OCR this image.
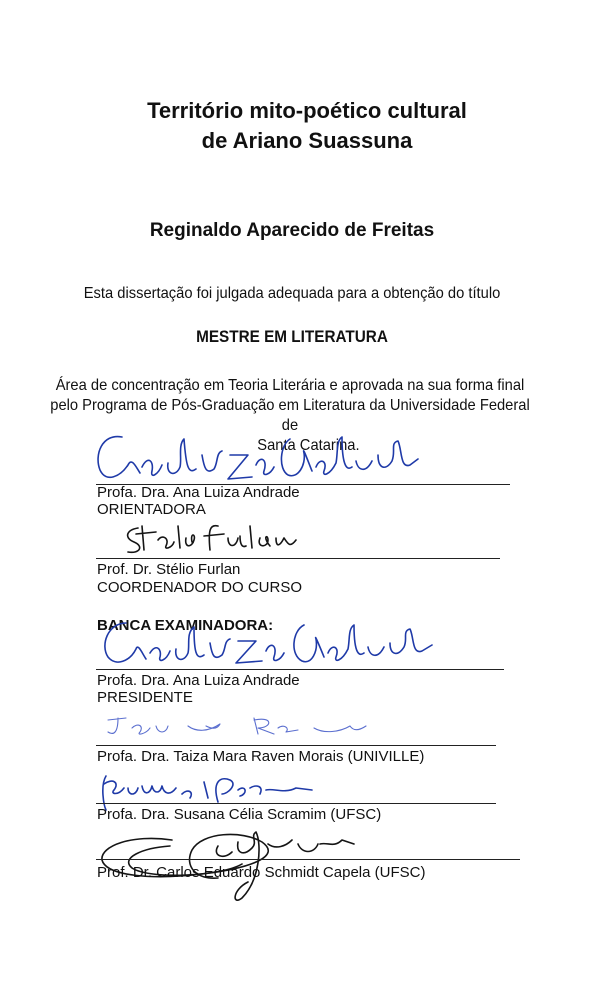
Território mito-poético cultural
de Ariano Suassuna
Reginaldo Aparecido de Freitas
Esta dissertação foi julgada adequada para a obtenção do título
MESTRE EM LITERATURA
Área de concentração em Teoria Literária e aprovada na sua forma final
pelo Programa de Pós-Graduação em Literatura da Universidade Federal de
Santa Catarina.
Profa. Dra. Ana Luiza Andrade
ORIENTADORA
Prof. Dr. Stélio Furlan
COORDENADOR DO CURSO
BANCA EXAMINADORA:
Profa. Dra. Ana Luiza Andrade
PRESIDENTE
Profa. Dra. Taiza Mara Raven Morais (UNIVILLE)
Profa. Dra. Susana Célia Scramim (UFSC)
Prof. Dr. Carlos Eduardo Schmidt Capela (UFSC)
